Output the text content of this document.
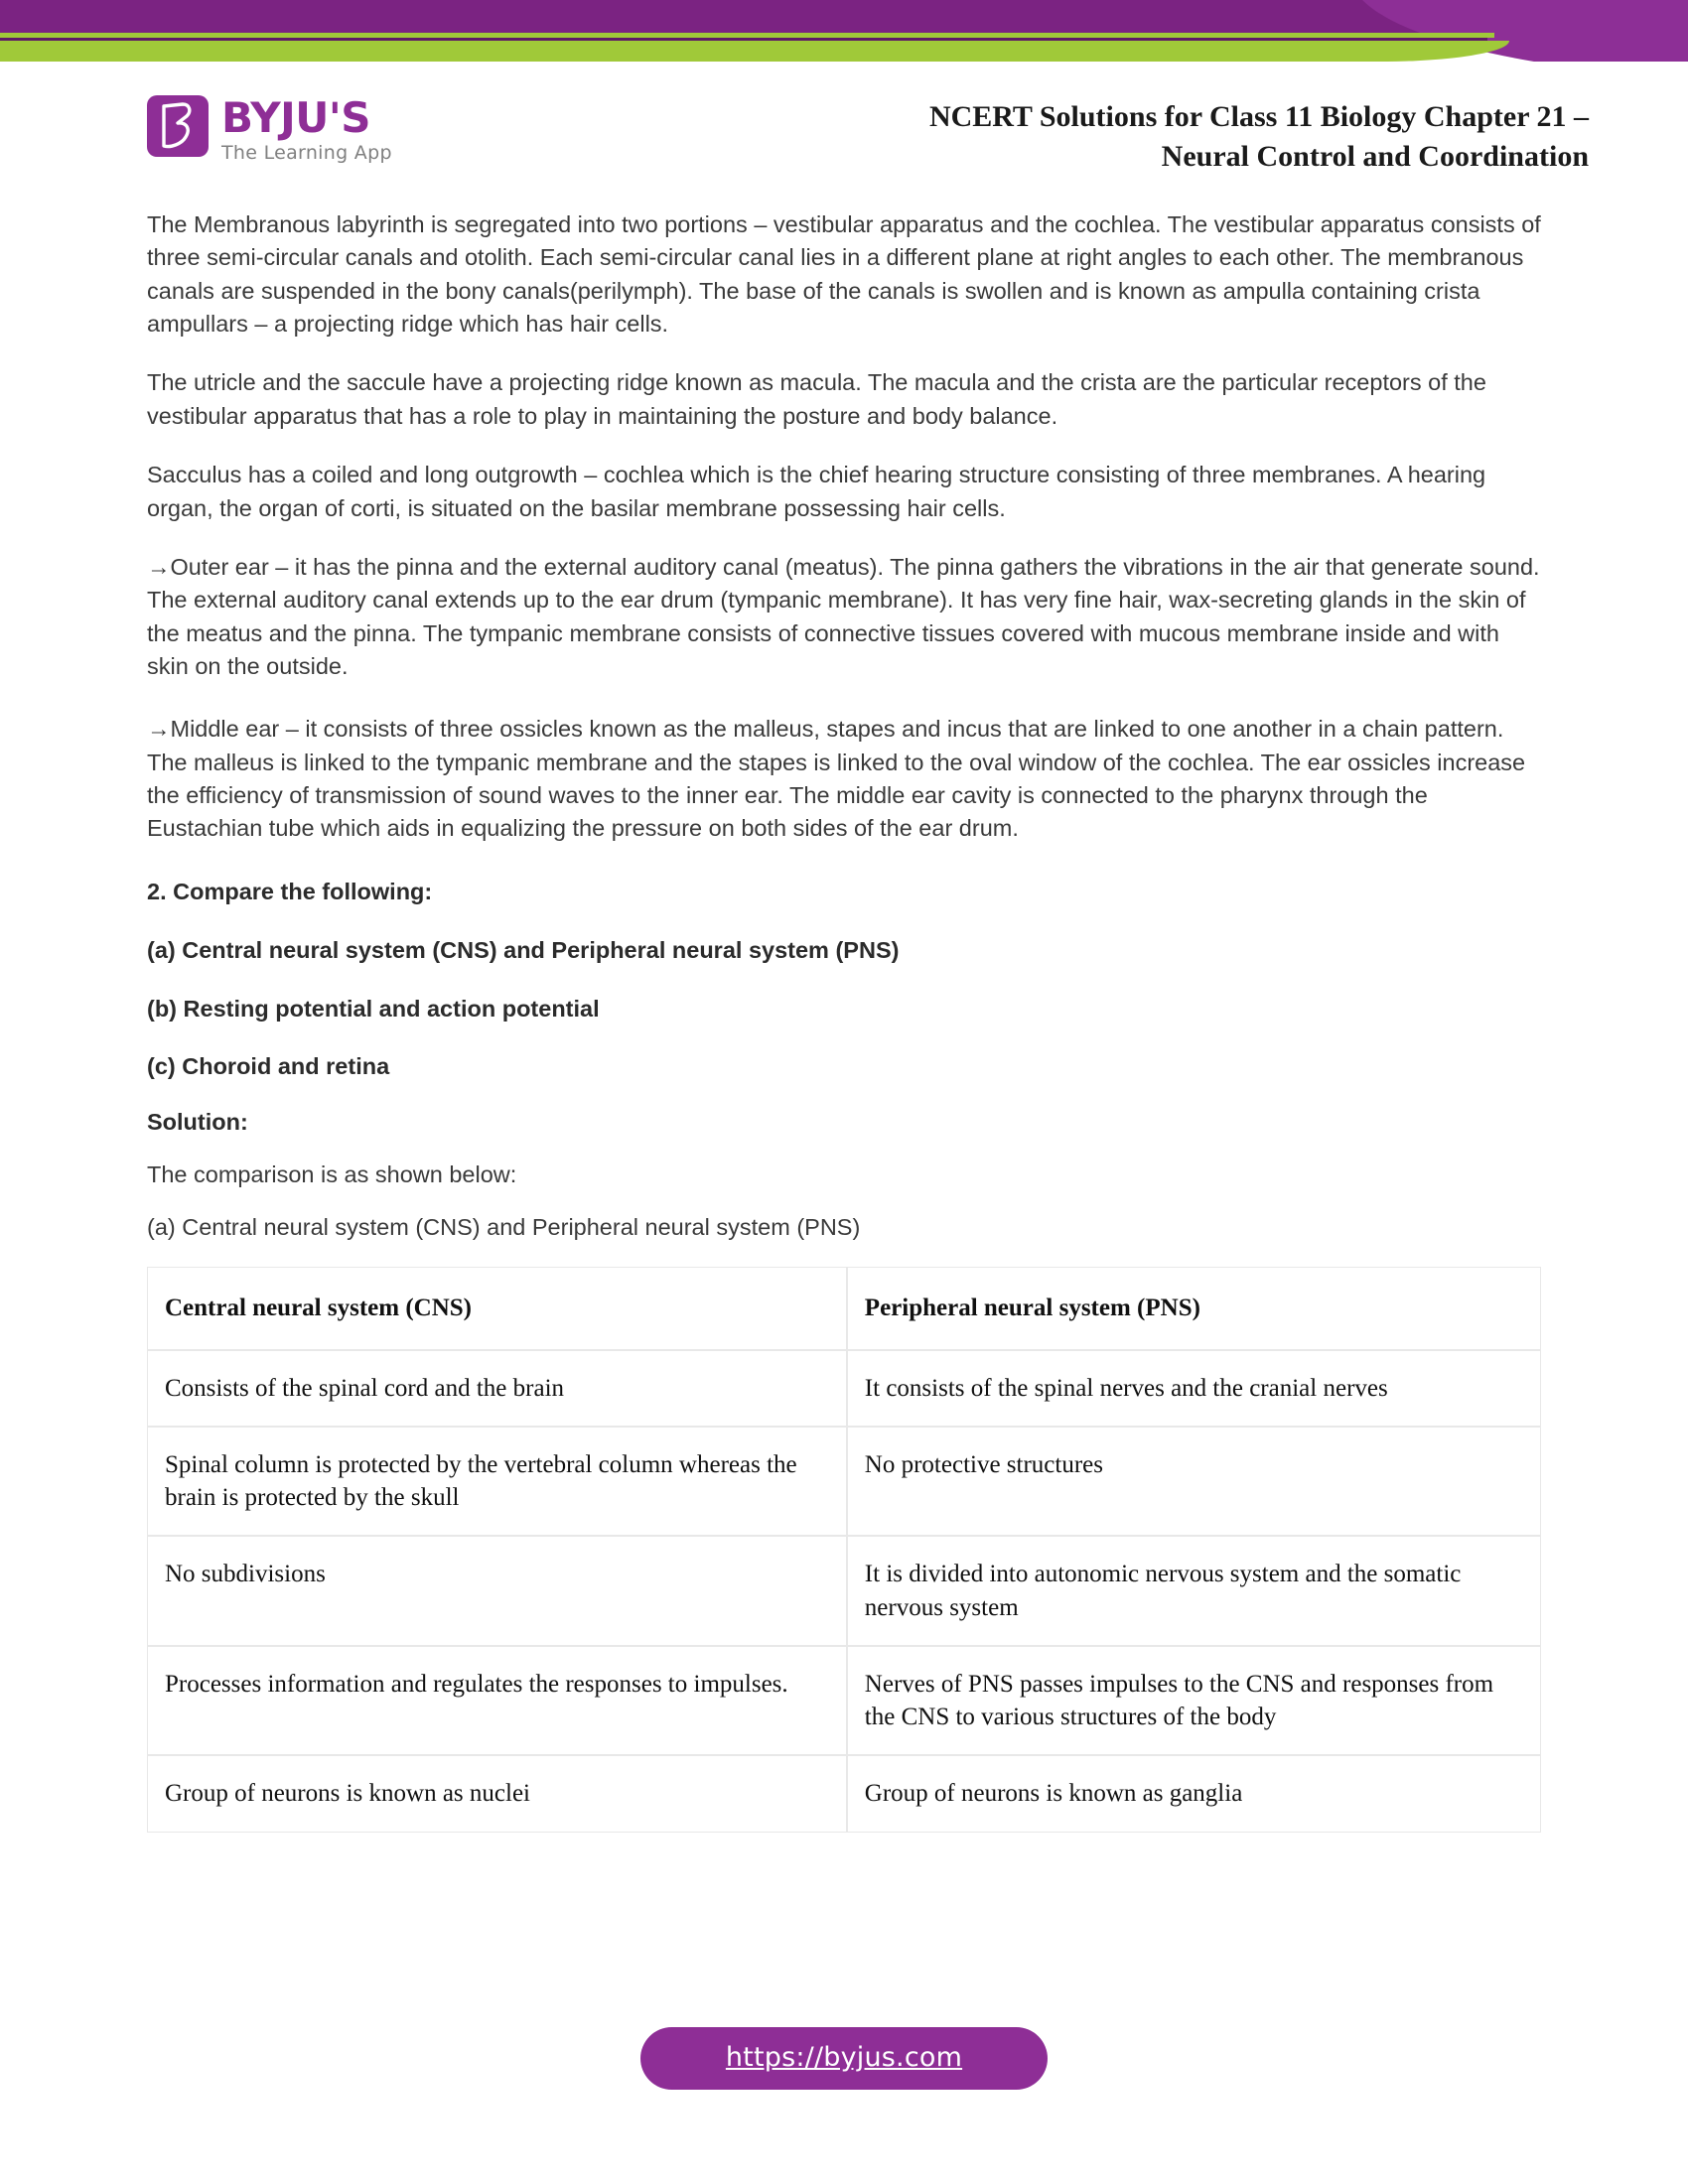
BYJU'S
The Learning App
NCERT Solutions for Class 11 Biology Chapter 21 –
Neural Control and Coordination

The Membranous labyrinth is segregated into two portions – vestibular apparatus and the cochlea. The vestibular apparatus consists of three semi-circular canals and otolith. Each semi-circular canal lies in a different plane at right angles to each other. The membranous canals are suspended in the bony canals(perilymph). The base of the canals is swollen and is known as ampulla containing crista ampullars – a projecting ridge which has hair cells.

The utricle and the saccule have a projecting ridge known as macula. The macula and the crista are the particular receptors of the vestibular apparatus that has a role to play in maintaining the posture and body balance.

Sacculus has a coiled and long outgrowth – cochlea which is the chief hearing structure consisting of three membranes. A hearing organ, the organ of corti, is situated on the basilar membrane possessing hair cells.

→Outer ear – it has the pinna and the external auditory canal (meatus). The pinna gathers the vibrations in the air that generate sound. The external auditory canal extends up to the ear drum (tympanic membrane). It has very fine hair, wax-secreting glands in the skin of the meatus and the pinna. The tympanic membrane consists of connective tissues covered with mucous membrane inside and with skin on the outside.

→Middle ear – it consists of three ossicles known as the malleus, stapes and incus that are linked to one another in a chain pattern. The malleus is linked to the tympanic membrane and the stapes is linked to the oval window of the cochlea. The ear ossicles increase the efficiency of transmission of sound waves to the inner ear. The middle ear cavity is connected to the pharynx through the Eustachian tube which aids in equalizing the pressure on both sides of the ear drum.

2. Compare the following:

(a) Central neural system (CNS) and Peripheral neural system (PNS)

(b) Resting potential and action potential

(c) Choroid and retina

Solution:

The comparison is as shown below:

(a) Central neural system (CNS) and Peripheral neural system (PNS)

Central neural system (CNS)	Peripheral neural system (PNS)
Consists of the spinal cord and the brain	It consists of the spinal nerves and the cranial nerves
Spinal column is protected by the vertebral column whereas the brain is protected by the skull	No protective structures
No subdivisions	It is divided into autonomic nervous system and the somatic nervous system
Processes information and regulates the responses to impulses.	Nerves of PNS passes impulses to the CNS and responses from the CNS to various structures of the body
Group of neurons is known as nuclei	Group of neurons is known as ganglia
https://byjus.com
